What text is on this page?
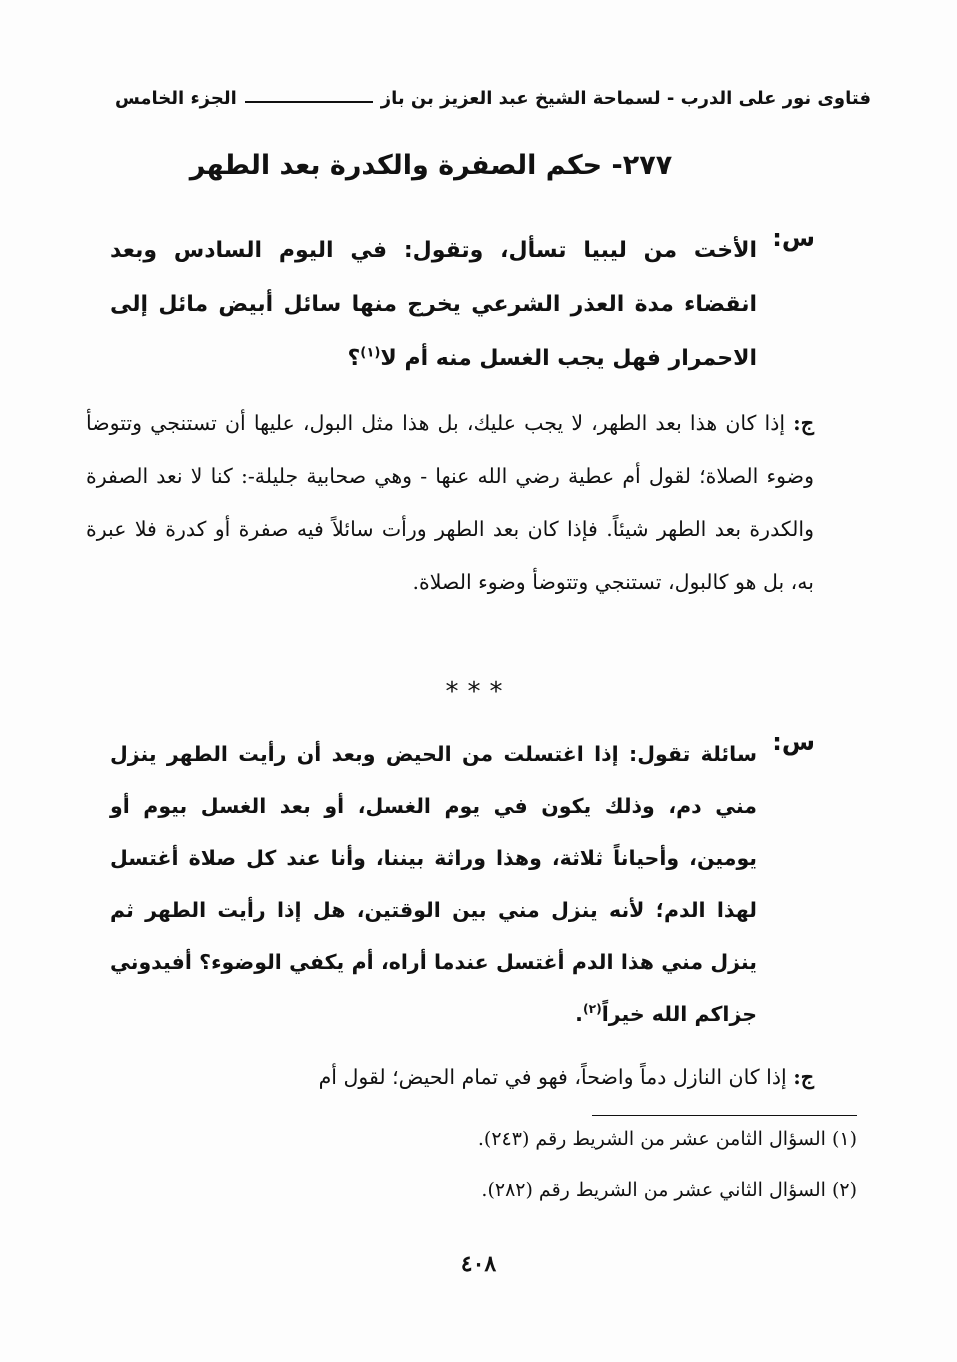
فتاوى نور على الدرب - لسماحة الشيخ عبد العزيز بن باز
الجزء الخامس
٢٧٧- حكم الصفرة والكدرة بعد الطهر
س:
الأخت من ليبيا تسأل، وتقول: في اليوم السادس وبعد انقضاء مدة العذر الشرعي يخرج منها سائل أبيض مائل إلى الاحمرار فهل يجب الغسل منه أم لا$^{(١)}$؟
ج: إذا كان هذا بعد الطهر، لا يجب عليك، بل هذا مثل البول، عليها أن تستنجي وتتوضأ وضوء الصلاة؛ لقول أم عطية رضي الله عنها - وهي صحابية جليلة-: كنا لا نعد الصفرة والكدرة بعد الطهر شيئاً. فإذا كان بعد الطهر ورأت سائلاً فيه صفرة أو كدرة فلا عبرة به، بل هو كالبول، تستنجي وتتوضأ وضوء الصلاة.
***
س:
سائلة تقول: إذا اغتسلت من الحيض وبعد أن رأيت الطهر ينزل مني دم، وذلك يكون في يوم الغسل، أو بعد الغسل بيوم أو يومين، وأحياناً ثلاثة، وهذا وراثة بيننا، وأنا عند كل صلاة أغتسل لهذا الدم؛ لأنه ينزل مني بين الوقتين، هل إذا رأيت الطهر ثم ينزل مني هذا الدم أغتسل عندما أراه، أم يكفي الوضوء؟ أفيدوني جزاكم الله خيراً$^{(٢)}$.
ج: إذا كان النازل دماً واضحاً، فهو في تمام الحيض؛ لقول أم
(١) السؤال الثامن عشر من الشريط رقم (٢٤٣).
(٢) السؤال الثاني عشر من الشريط رقم (٢٨٢).
٤٠٨
